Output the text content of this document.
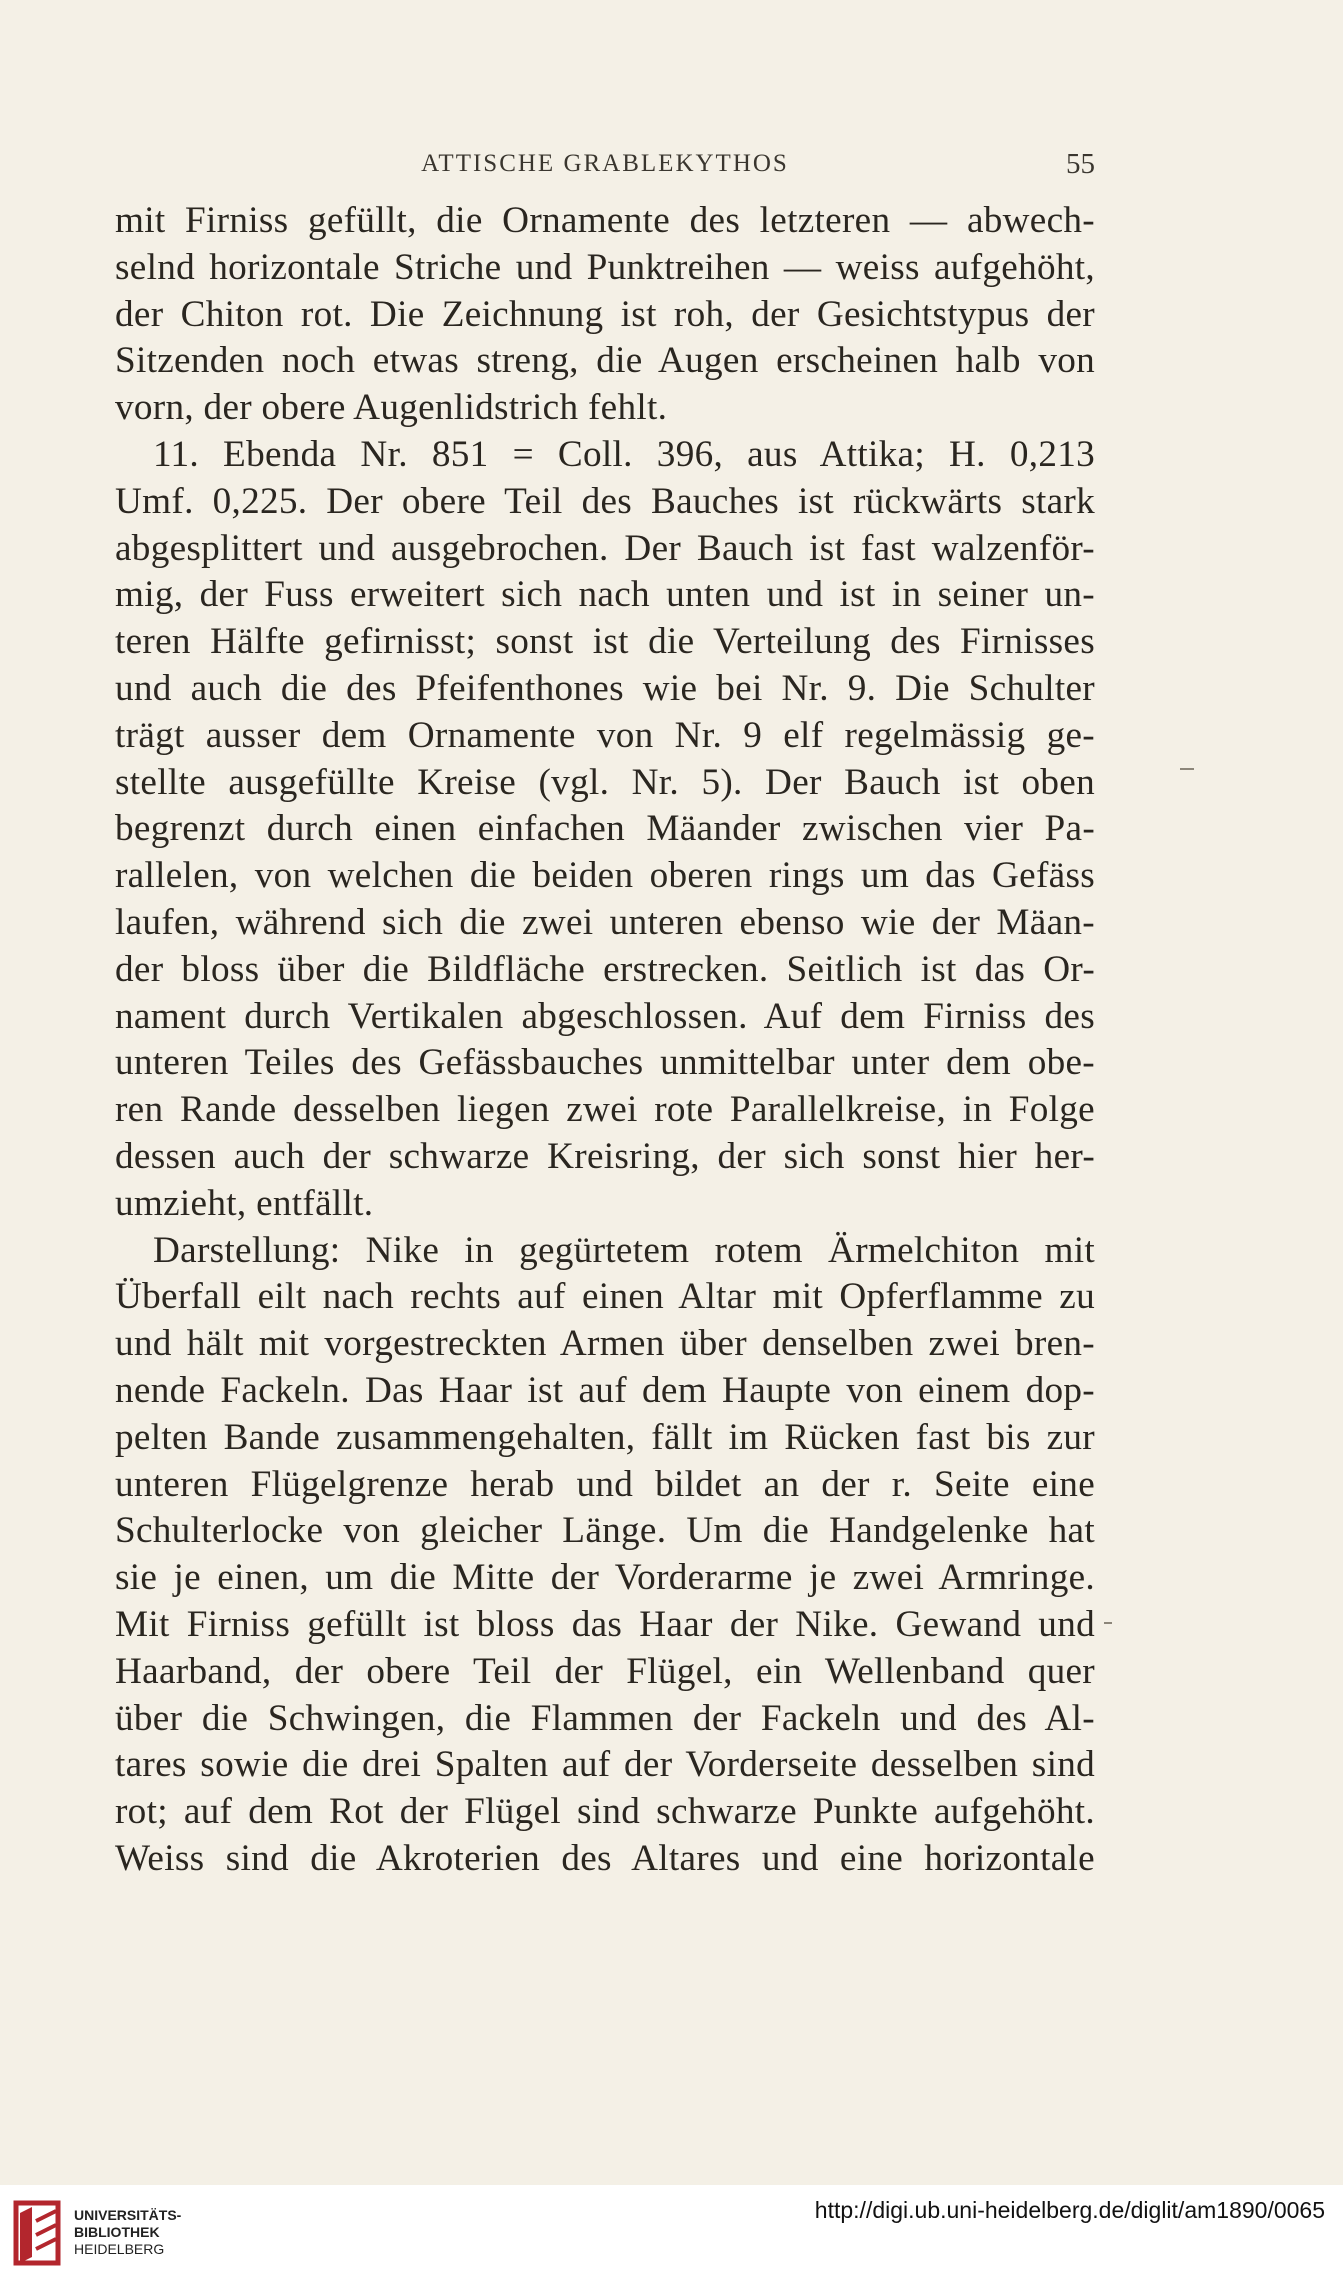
ATTISCHE GRABLEKYTHOS	55
mit Firniss gefüllt, die Ornamente des letzteren — abwech-
selnd horizontale Striche und Punktreihen — weiss aufgehöht,
der Chiton rot. Die Zeichnung ist roh, der Gesichtstypus der
Sitzenden noch etwas streng, die Augen erscheinen halb von
vorn, der obere Augenlidstrich fehlt.
11. Ebenda Nr. 851 = Coll. 396, aus Attika; H. 0,213
Umf. 0,225. Der obere Teil des Bauches ist rückwärts stark
abgesplittert und ausgebrochen. Der Bauch ist fast walzenför-
mig, der Fuss erweitert sich nach unten und ist in seiner un-
teren Hälfte gefirnisst; sonst ist die Verteilung des Firnisses
und auch die des Pfeifenthones wie bei Nr. 9. Die Schulter
trägt ausser dem Ornamente von Nr. 9 elf regelmässig ge-
stellte ausgefüllte Kreise (vgl. Nr. 5). Der Bauch ist oben
begrenzt durch einen einfachen Mäander zwischen vier Pa-
rallelen, von welchen die beiden oberen rings um das Gefäss
laufen, während sich die zwei unteren ebenso wie der Mäan-
der bloss über die Bildfläche erstrecken. Seitlich ist das Or-
nament durch Vertikalen abgeschlossen. Auf dem Firniss des
unteren Teiles des Gefässbauches unmittelbar unter dem obe-
ren Rande desselben liegen zwei rote Parallelkreise, in Folge
dessen auch der schwarze Kreisring, der sich sonst hier her-
umzieht, entfällt.
Darstellung: Nike in gegürtetem rotem Ärmelchiton mit
Überfall eilt nach rechts auf einen Altar mit Opferflamme zu
und hält mit vorgestreckten Armen über denselben zwei bren-
nende Fackeln. Das Haar ist auf dem Haupte von einem dop-
pelten Bande zusammengehalten, fällt im Rücken fast bis zur
unteren Flügelgrenze herab und bildet an der r. Seite eine
Schulterlocke von gleicher Länge. Um die Handgelenke hat
sie je einen, um die Mitte der Vorderarme je zwei Armringe.
Mit Firniss gefüllt ist bloss das Haar der Nike. Gewand und
Haarband, der obere Teil der Flügel, ein Wellenband quer
über die Schwingen, die Flammen der Fackeln und des Al-
tares sowie die drei Spalten auf der Vorderseite desselben sind
rot; auf dem Rot der Flügel sind schwarze Punkte aufgehöht.
Weiss sind die Akroterien des Altares und eine horizontale
UNIVERSITÄTS-
BIBLIOTHEK
HEIDELBERG
http://digi.ub.uni-heidelberg.de/diglit/am1890/0065
